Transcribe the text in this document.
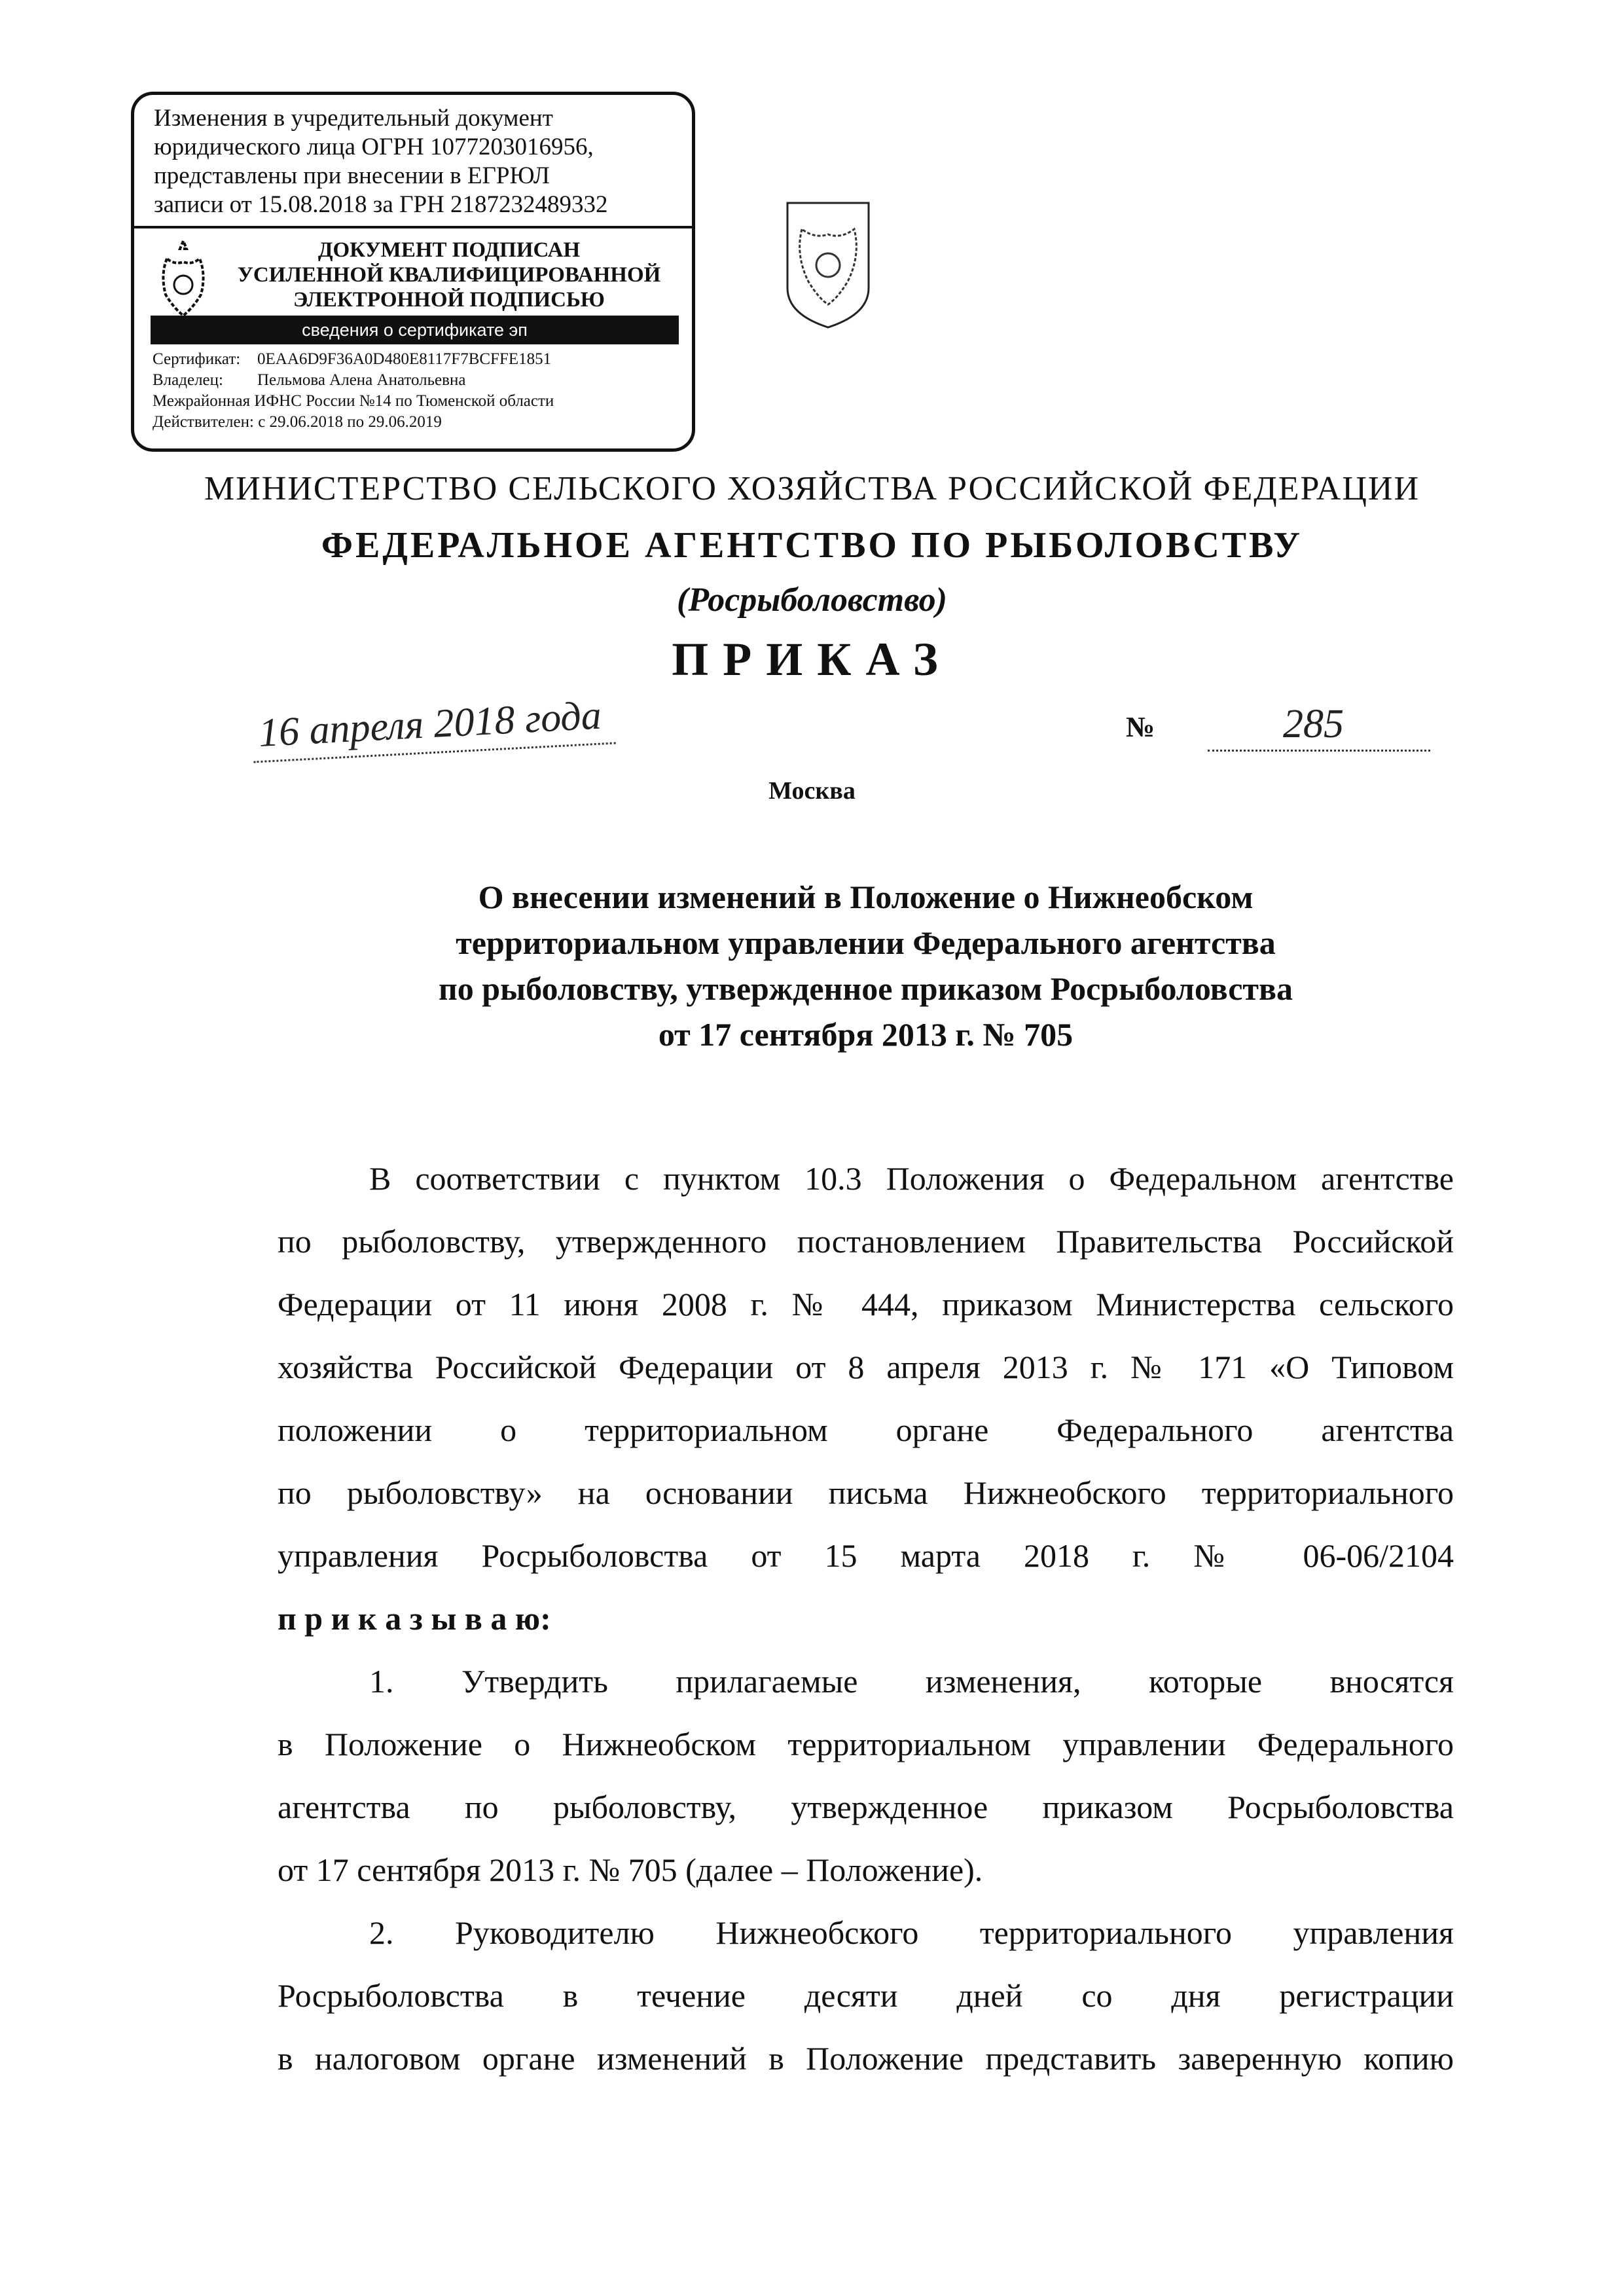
Изменения в учредительный документ
юридического лица ОГРН 1077203016956,
представлены при внесении в ЕГРЮЛ
записи от 15.08.2018 за ГРН 2187232489332
ДОКУМЕНТ ПОДПИСАН
УСИЛЕННОЙ КВАЛИФИЦИРОВАННОЙ
ЭЛЕКТРОННОЙ ПОДПИСЬЮ
сведения о сертификате эп
Сертификат: 0EAA6D9F36A0D480E8117F7BCFFE1851
Владелец: Пельмова Алена Анатольевна
Межрайонная ИФНС России №14 по Тюменской области
Действителен: с 29.06.2018 по 29.06.2019
МИНИСТЕРСТВО СЕЛЬСКОГО ХОЗЯЙСТВА РОССИЙСКОЙ ФЕДЕРАЦИИ
ФЕДЕРАЛЬНОЕ АГЕНТСТВО ПО РЫБОЛОВСТВУ
(Росрыболовство)
ПРИКАЗ
16 апреля 2018 года	№	285
Москва
О внесении изменений в Положение о Нижнеобском
территориальном управлении Федерального агентства
по рыболовству, утвержденное приказом Росрыболовства
от 17 сентября 2013 г. № 705
В соответствии с пунктом 10.3 Положения о Федеральном агентстве
по рыболовству, утвержденного постановлением Правительства Российской
Федерации от 11 июня 2008 г. № 444, приказом Министерства сельского
хозяйства Российской Федерации от 8 апреля 2013 г. № 171 «О Типовом
положении о территориальном органе Федерального агентства
по рыболовству» на основании письма Нижнеобского территориального
управления Росрыболовства от 15 марта 2018 г. № 06-06/2104
п р и к а з ы в а ю:
1. Утвердить прилагаемые изменения, которые вносятся
в Положение о Нижнеобском территориальном управлении Федерального
агентства по рыболовству, утвержденное приказом Росрыболовства
от 17 сентября 2013 г. № 705 (далее – Положение).
2. Руководителю Нижнеобского территориального управления
Росрыболовства в течение десяти дней со дня регистрации
в налоговом органе изменений в Положение представить заверенную копию
